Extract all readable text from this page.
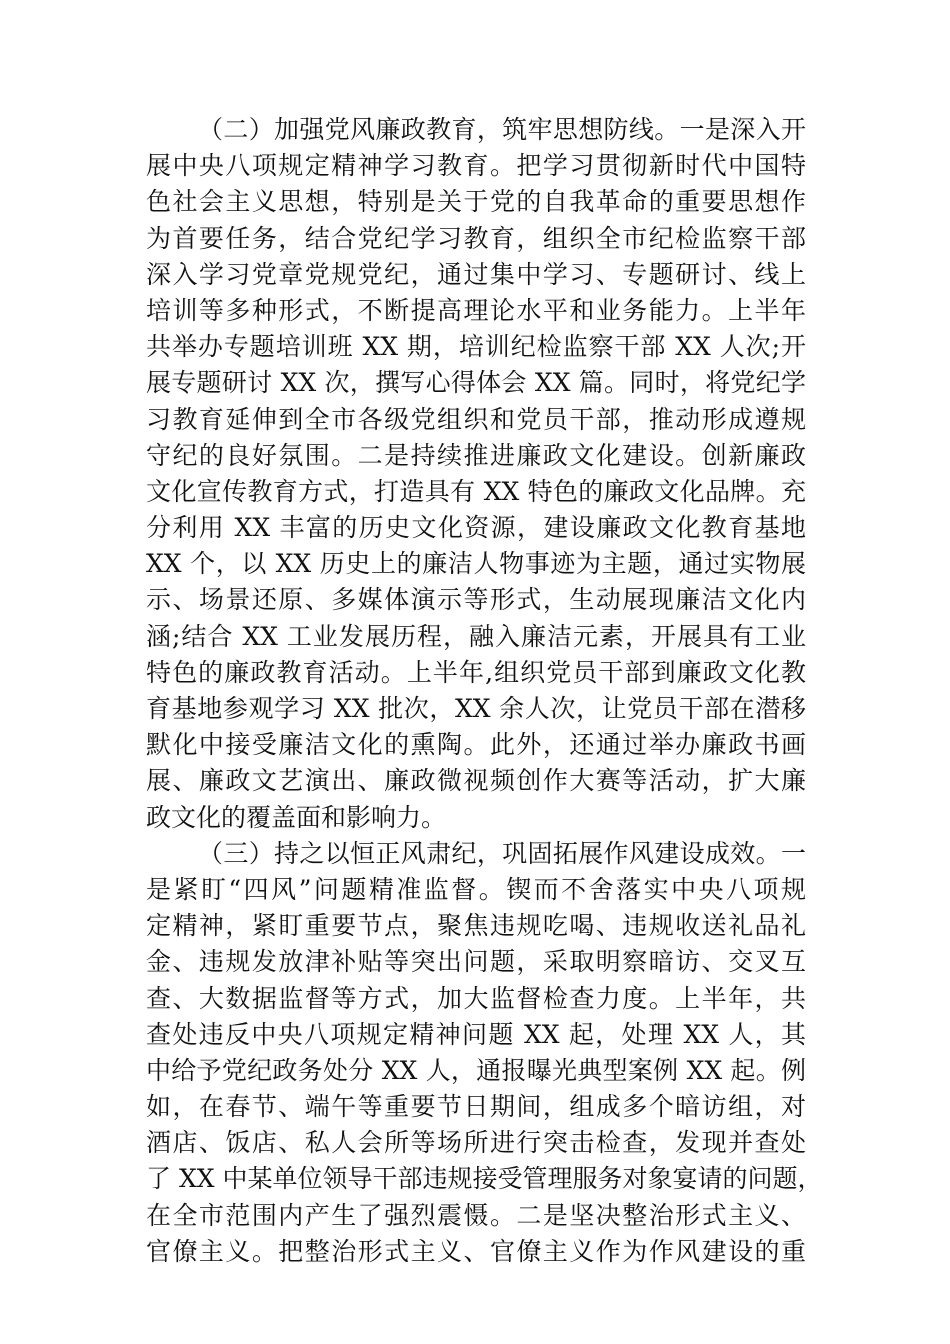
（二）加强党风廉政教育，筑牢思想防线。一是深入开
展中央八项规定精神学习教育。把学习贯彻新时代中国特
色社会主义思想，特别是关于党的自我革命的重要思想作
为首要任务，结合党纪学习教育，组织全市纪检监察干部
深入学习党章党规党纪，通过集中学习、专题研讨、线上
培训等多种形式，不断提高理论水平和业务能力。上半年
共举办专题培训班 XX 期，培训纪检监察干部 XX 人次;开
展专题研讨 XX 次，撰写心得体会 XX 篇。同时，将党纪学
习教育延伸到全市各级党组织和党员干部，推动形成遵规
守纪的良好氛围。二是持续推进廉政文化建设。创新廉政
文化宣传教育方式，打造具有 XX 特色的廉政文化品牌。充
分利用 XX 丰富的历史文化资源，建设廉政文化教育基地
XX 个，以 XX 历史上的廉洁人物事迹为主题，通过实物展
示、场景还原、多媒体演示等形式，生动展现廉洁文化内
涵;结合 XX 工业发展历程，融入廉洁元素，开展具有工业
特色的廉政教育活动。上半年,组织党员干部到廉政文化教
育基地参观学习 XX 批次，XX 余人次，让党员干部在潜移
默化中接受廉洁文化的熏陶。此外，还通过举办廉政书画
展、廉政文艺演出、廉政微视频创作大赛等活动，扩大廉
政文化的覆盖面和影响力。
（三）持之以恒正风肃纪，巩固拓展作风建设成效。一
是紧盯“四风”问题精准监督。锲而不舍落实中央八项规
定精神，紧盯重要节点，聚焦违规吃喝、违规收送礼品礼
金、违规发放津补贴等突出问题，采取明察暗访、交叉互
查、大数据监督等方式，加大监督检查力度。上半年，共
查处违反中央八项规定精神问题 XX 起，处理 XX 人，其
中给予党纪政务处分 XX 人，通报曝光典型案例 XX 起。例
如，在春节、端午等重要节日期间，组成多个暗访组，对
酒店、饭店、私人会所等场所进行突击检查，发现并查处
了 XX 中某单位领导干部违规接受管理服务对象宴请的问题，
在全市范围内产生了强烈震慑。二是坚决整治形式主义、
官僚主义。把整治形式主义、官僚主义作为作风建设的重
